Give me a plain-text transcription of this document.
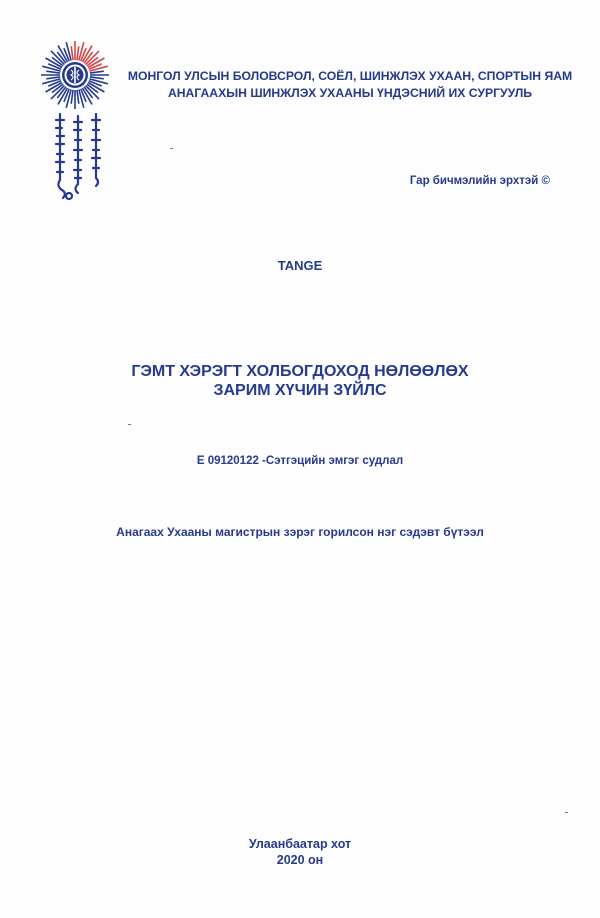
МОНГОЛ УЛСЫН БОЛОВСРОЛ, СОЁЛ, ШИНЖЛЭХ УХААН, СПОРТЫН ЯАМ
АНАГААХЫН ШИНЖЛЭХ УХААНЫ ҮНДЭСНИЙ ИХ СУРГУУЛЬ
Гар бичмэлийн эрхтэй ©
TANGE
ГЭМТ ХЭРЭГТ ХОЛБОГДОХОД НӨЛӨӨЛӨХ
ЗАРИМ ХҮЧИН ЗҮЙЛС
E 09120122 -Сэтгэцийн эмгэг судлал
Анагаах Ухааны магистрын зэрэг горилсон нэг сэдэвт бүтээл
Улаанбаатар хот
2020 он
